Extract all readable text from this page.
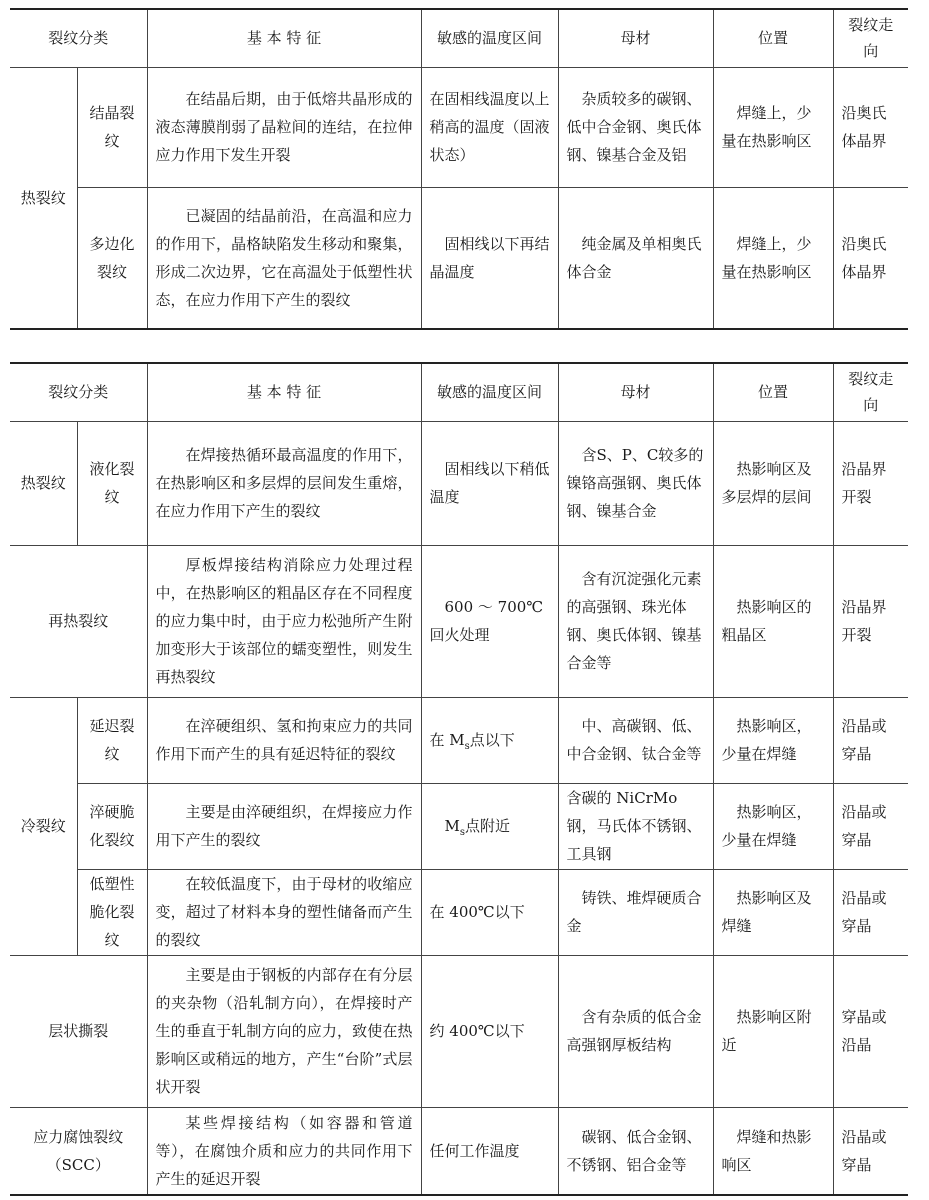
裂纹分类		基 本 特 征	敏感的温度区间	母材	位置	裂纹走向
热裂纹	结晶裂纹	在结晶后期，由于低熔共晶形成的液态薄膜削弱了晶粒间的连结，在拉伸应力作用下发生开裂	在固相线温度以上稍高的温度（固液状态）	杂质较多的碳钢、低中合金钢、奥氏体钢、镍基合金及铝	焊缝上，少量在热影响区	沿奥氏体晶界
	多边化裂纹	已凝固的结晶前沿，在高温和应力的作用下，晶格缺陷发生移动和聚集，形成二次边界，它在高温处于低塑性状态，在应力作用下产生的裂纹	固相线以下再结晶温度	纯金属及单相奥氏体合金	焊缝上，少量在热影响区	沿奥氏体晶界
裂纹分类		基 本 特 征	敏感的温度区间	母材	位置	裂纹走向
热裂纹	液化裂纹	在焊接热循环最高温度的作用下，在热影响区和多层焊的层间发生重熔，在应力作用下产生的裂纹	固相线以下稍低温度	含S、P、C较多的镍铬高强钢、奥氏体钢、镍基合金	热影响区及多层焊的层间	沿晶界开裂
再热裂纹		厚板焊接结构消除应力处理过程中，在热影响区的粗晶区存在不同程度的应力集中时，由于应力松弛所产生附加变形大于该部位的蠕变塑性，则发生再热裂纹	600 ～ 700℃回火处理	含有沉淀强化元素的高强钢、珠光体钢、奥氏体钢、镍基合金等	热影响区的粗晶区	沿晶界开裂
冷裂纹	延迟裂纹	在淬硬组织、氢和拘束应力的共同作用下而产生的具有延迟特征的裂纹	在 $M_s$点以下	中、高碳钢、低、中合金钢、钛合金等	热影响区，少量在焊缝	沿晶或穿晶
	淬硬脆化裂纹	主要是由淬硬组织，在焊接应力作用下产生的裂纹	$M_s$点附近	含碳的 NiCrMo 钢，马氏体不锈钢、工具钢	热影响区，少量在焊缝	沿晶或穿晶
	低塑性脆化裂纹	在较低温度下，由于母材的收缩应变，超过了材料本身的塑性储备而产生的裂纹	在 400℃以下	铸铁、堆焊硬质合金	热影响区及焊缝	沿晶或穿晶
层状撕裂		主要是由于钢板的内部存在有分层的夹杂物（沿轧制方向），在焊接时产生的垂直于轧制方向的应力，致使在热影响区或稍远的地方，产生“台阶”式层状开裂	约 400℃以下	含有杂质的低合金高强钢厚板结构	热影响区附近	穿晶或沿晶
应力腐蚀裂纹（SCC）		某些焊接结构（如容器和管道等），在腐蚀介质和应力的共同作用下产生的延迟开裂	任何工作温度	碳钢、低合金钢、不锈钢、铝合金等	焊缝和热影响区	沿晶或穿晶
